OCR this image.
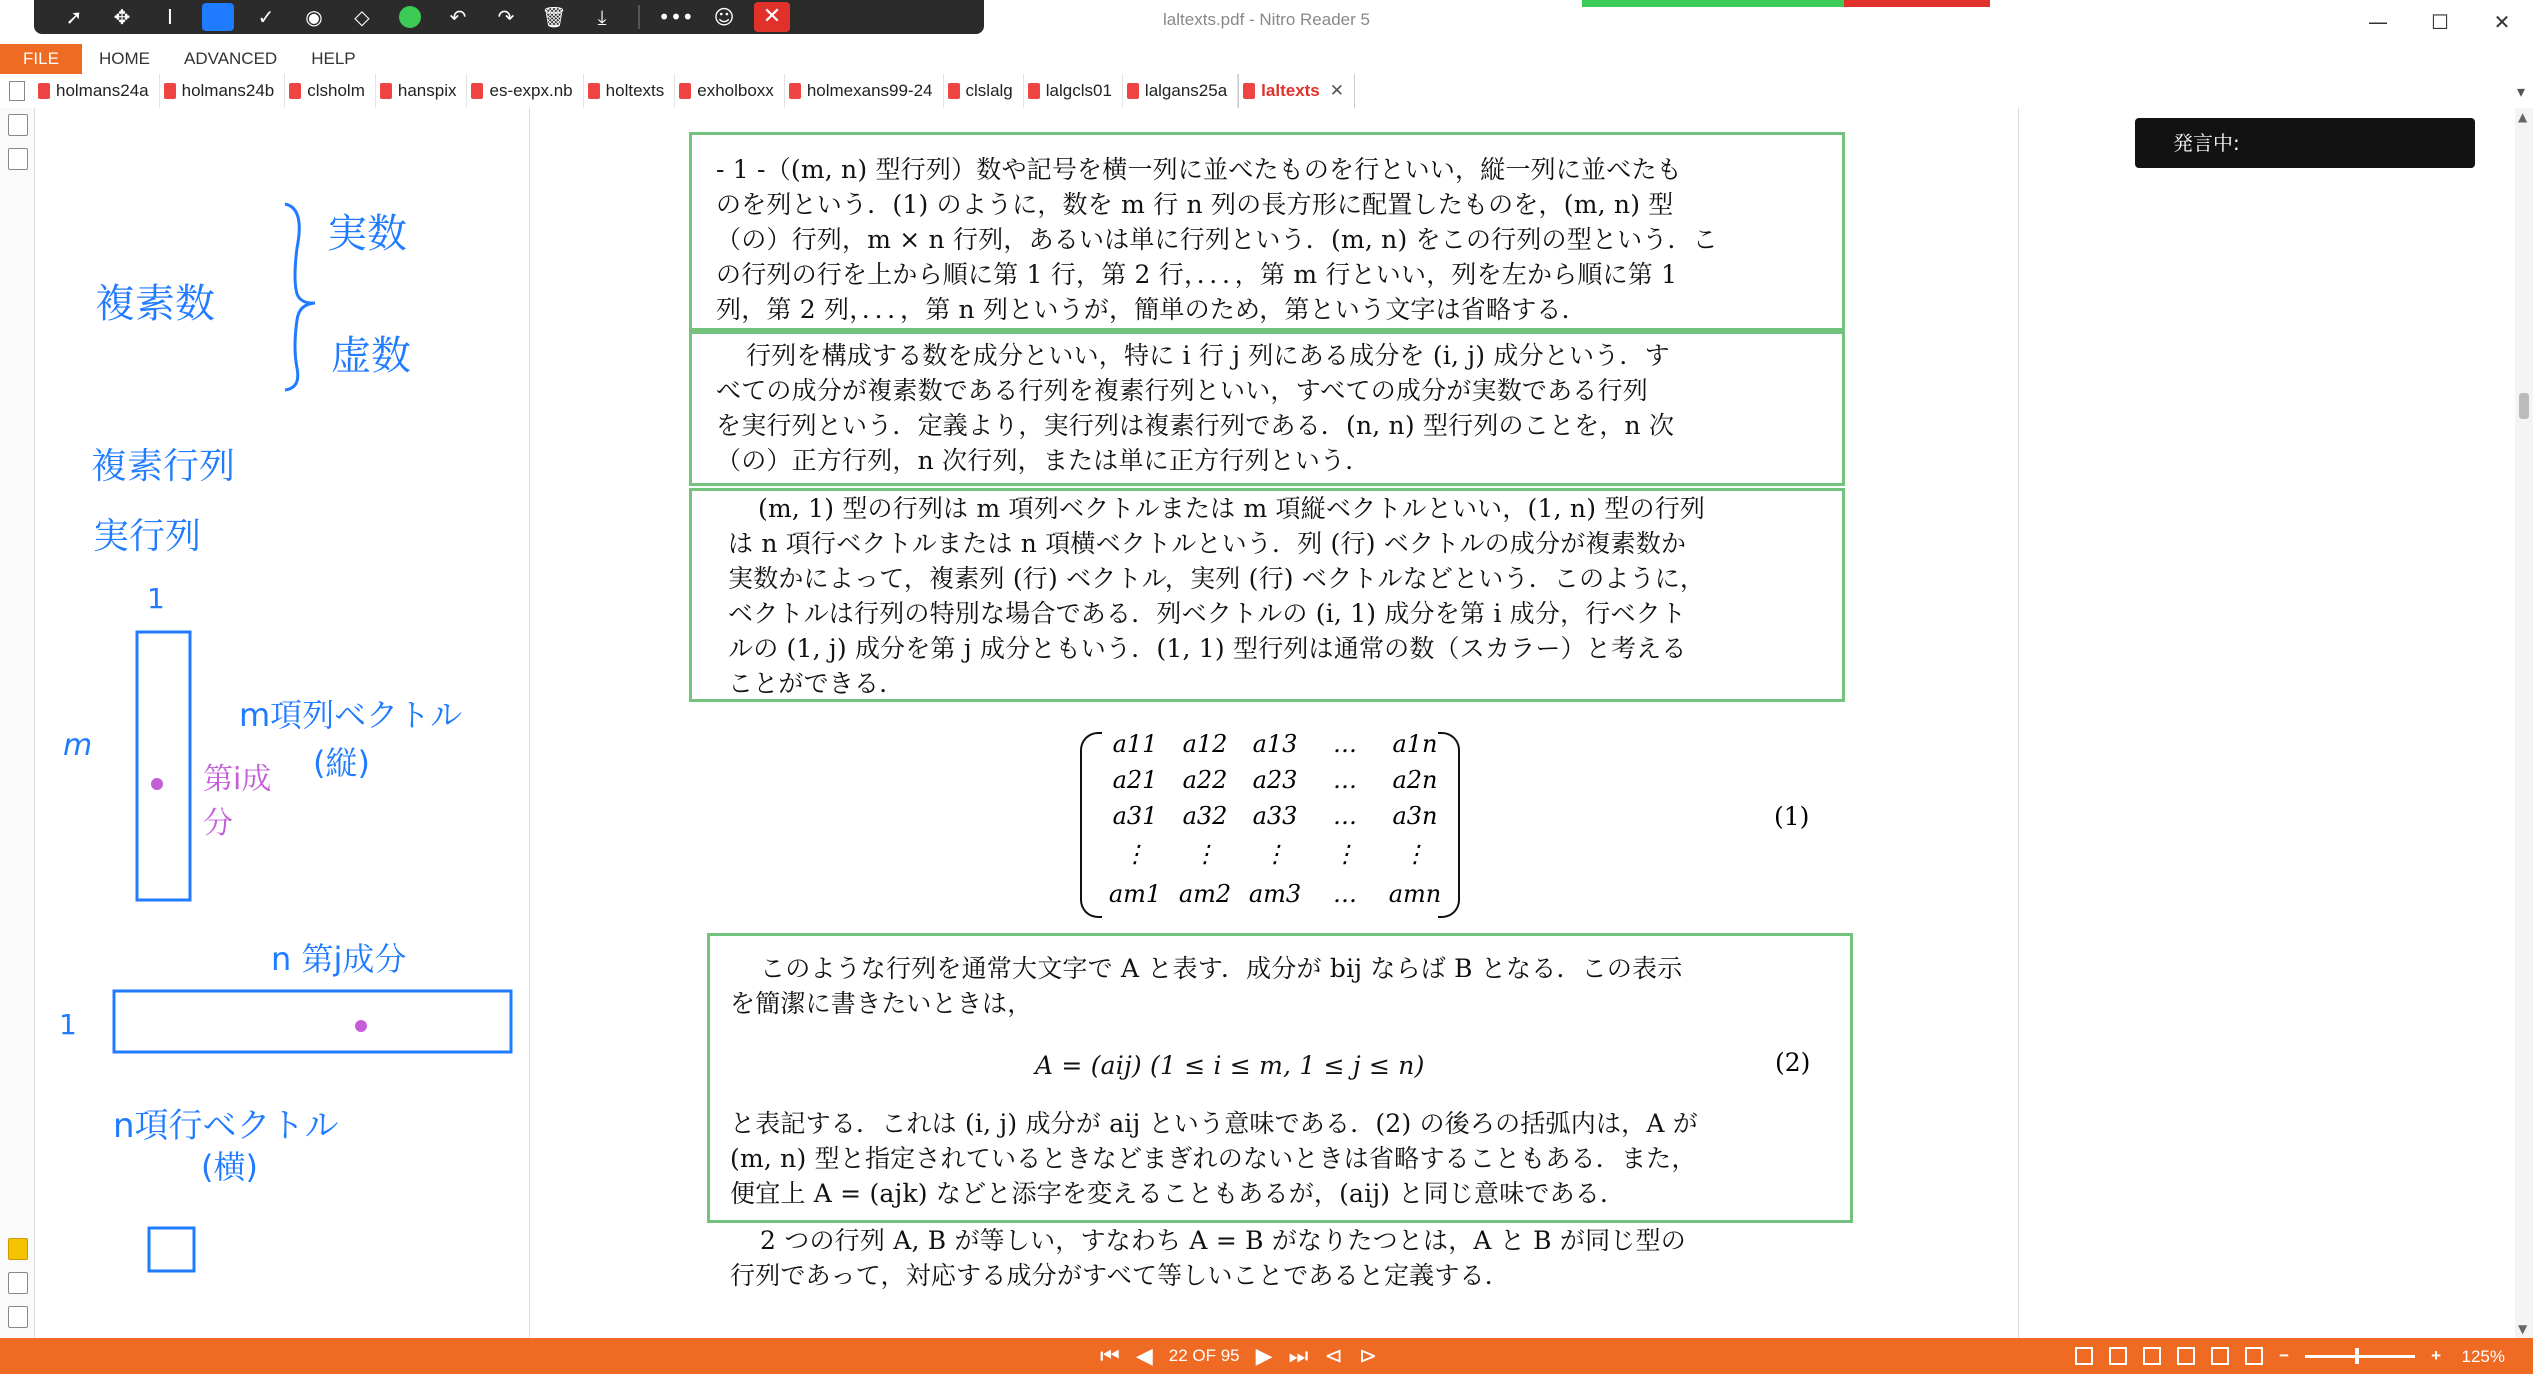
laltexts.pdf - Nitro Reader 5	—	☐	✕
➚	✥	I	✓	◉	◇	↶	↷	🗑	⤓	••• ☺	✕
FILE	HOME	ADVANCED	HELP
holmans24a holmans24b clsholm hanspix es-expx.nb holtexts exholboxx holmexans99-24 clslalg lalgcls01 lalgans25a laltexts ✕	▾
複素数
実数
虚数
複素行列
実行列
1
m
m項列ベクトル
(縦)
第i成分
n 第j成分
1
n項行ベクトル
(横)
- 1 -（(m, n) 型行列）数や記号を横一列に並べたものを行といい，縦一列に並べたも
のを列という．(1) のように，数を m 行 n 列の長方形に配置したものを，(m, n) 型
（の）行列，m × n 行列，あるいは単に行列という．(m, n) をこの行列の型という．こ
の行列の行を上から順に第 1 行，第 2 行，．．．，第 m 行といい，列を左から順に第 1
列，第 2 列，．．．，第 n 列というが，簡単のため，第という文字は省略する．
行列を構成する数を成分といい，特に i 行 j 列にある成分を (i, j) 成分という．す
べての成分が複素数である行列を複素行列といい，すべての成分が実数である行列
を実行列という．定義より，実行列は複素行列である．(n, n) 型行列のことを，n 次
（の）正方行列，n 次行列，または単に正方行列という．
(m, 1) 型の行列は m 項列ベクトルまたは m 項縦ベクトルといい，(1, n) 型の行列
は n 項行ベクトルまたは n 項横ベクトルという．列 (行) ベクトルの成分が複素数か
実数かによって，複素列 (行) ベクトル，実列 (行) ベクトルなどという．このように，
ベクトルは行列の特別な場合である．列ベクトルの (i, 1) 成分を第 i 成分，行ベクト
ルの (1, j) 成分を第 j 成分ともいう．(1, 1) 型行列は通常の数（スカラー）と考える
ことができる．
(1)
このような行列を通常大文字で A と表す．成分が bij ならば B となる．この表示
を簡潔に書きたいときは，
A = (aij) (1 ≤ i ≤ m, 1 ≤ j ≤ n)	(2)
と表記する．これは (i, j) 成分が aij という意味である．(2) の後ろの括弧内は，A が
(m, n) 型と指定されているときなどまぎれのないときは省略することもある．また，
便宜上 A = (ajk) などと添字を変えることもあるが，(aij) と同じ意味である．
2 つの行列 A, B が等しい，すなわち A = B がなりたつとは，A と B が同じ型の
行列であって，対応する成分がすべて等しいことであると定義する．
a11	a12	a13	…	a1n
a21	a22	a23	…	a2n
a31	a32	a33	…	a3n
⋮	⋮	⋮	⋮	⋮
am1 am2 am3	…	amn
発言中:
▲
▼
⏮ ◀ 22 OF 95 ▶ ⏭ ⊲ ⊳	−	+ 125%
